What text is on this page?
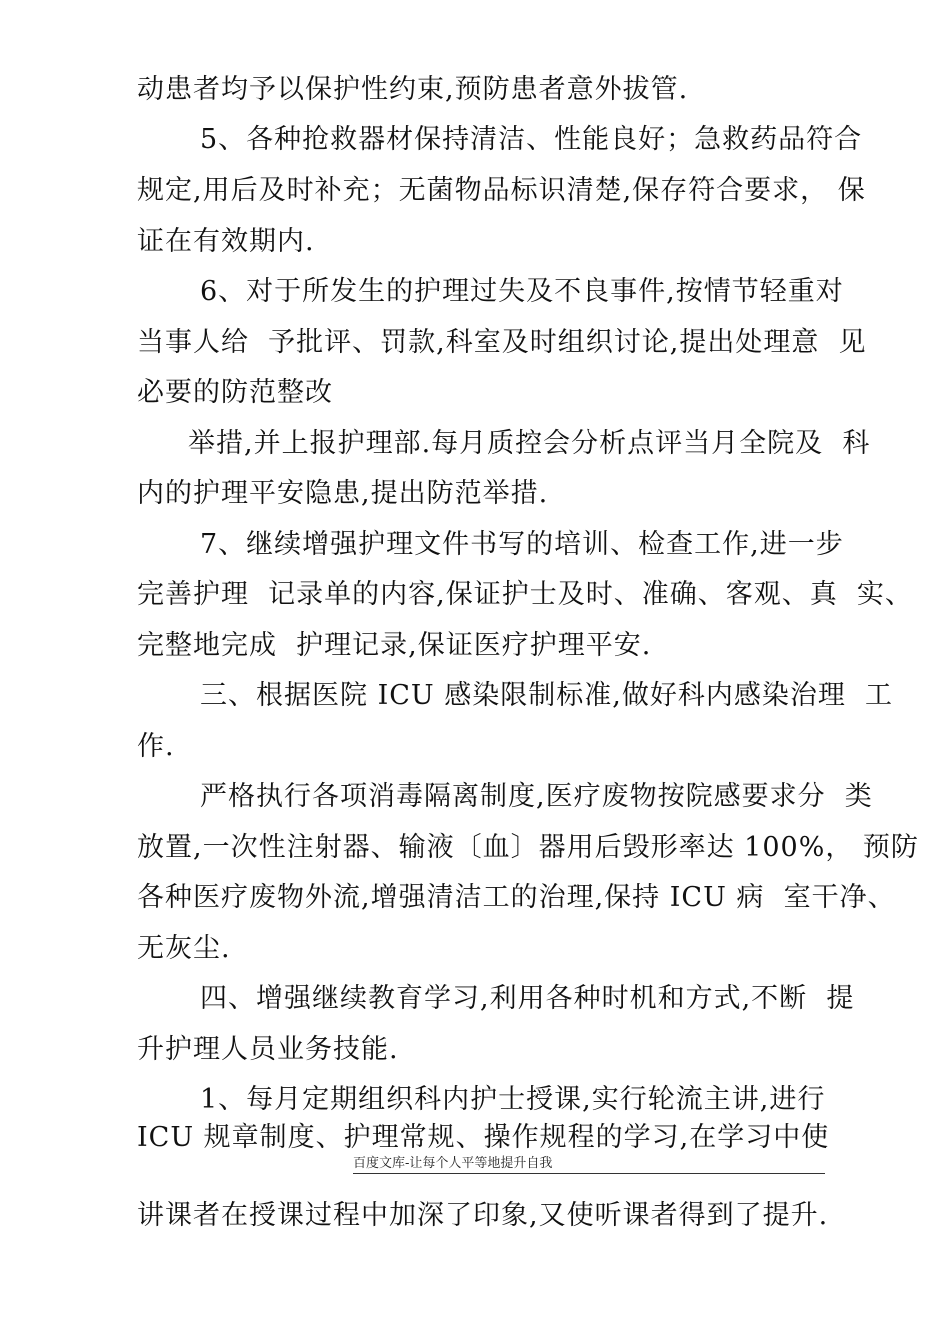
动患者均予以保护性约束,预防患者意外拔管.
5、各种抢救器材保持清洁、性能良好；急救药品符合
规定,用后及时补充；无菌物品标识清楚,保存符合要求， 保
证在有效期内.
6、对于所发生的护理过失及不良事件,按情节轻重对
当事人给  予批评、罚款,科室及时组织讨论,提出处理意  见
必要的防范整改
举措,并上报护理部.每月质控会分析点评当月全院及  科
内的护理平安隐患,提出防范举措.
7、继续增强护理文件书写的培训、检查工作,进一步
完善护理  记录单的内容,保证护士及时、准确、客观、真  实、
完整地完成  护理记录,保证医疗护理平安.
三、根据医院 ICU 感染限制标准,做好科内感染治理  工
作.
严格执行各项消毒隔离制度,医疗废物按院感要求分  类
放置,一次性注射器、输液〔血〕器用后毁形率达 100%， 预防
各种医疗废物外流,增强清洁工的治理,保持 ICU 病  室干净、
无灰尘.
四、增强继续教育学习,利用各种时机和方式,不断  提
升护理人员业务技能.
1、每月定期组织科内护士授课,实行轮流主讲,进行
ICU 规章制度、护理常规、操作规程的学习,在学习中使
百度文库-让每个人平等地提升自我
讲课者在授课过程中加深了印象,又使听课者得到了提升.
